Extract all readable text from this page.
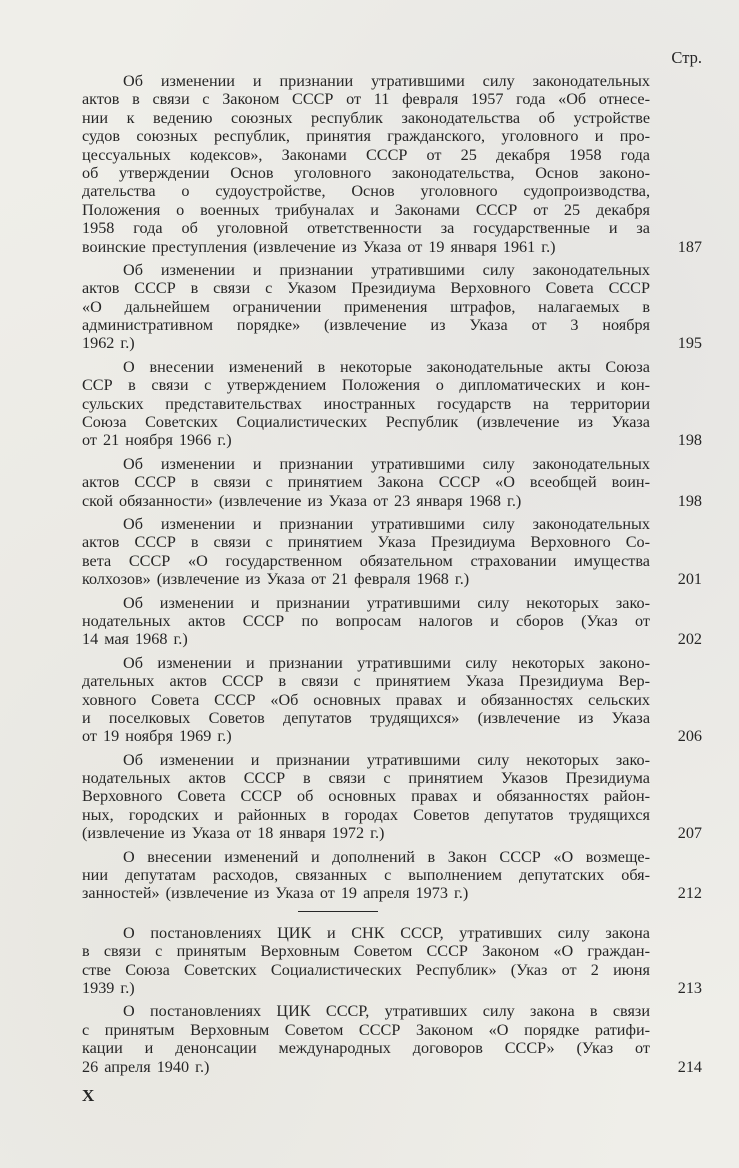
Стр.
Об изменении и признании утратившими силу законодательных
актов в связи с Законом СССР от 11 февраля 1957 года «Об отнесе-
нии к ведению союзных республик законодательства об устройстве
судов союзных республик, принятия гражданского, уголовного и про-
цессуальных кодексов», Законами СССР от 25 декабря 1958 года
об утверждении Основ уголовного законодательства, Основ законо-
дательства о судоустройстве, Основ уголовного судопроизводства,
Положения о военных трибуналах и Законами СССР от 25 декабря
1958 года об уголовной ответственности за государственные и за
воинские преступления (извлечение из Указа от 19 января 1961 г.)	187
Об изменении и признании утратившими силу законодательных
актов СССР в связи с Указом Президиума Верховного Совета СССР
«О дальнейшем ограничении применения штрафов, налагаемых в
административном порядке» (извлечение из Указа от 3 ноября
1962 г.)	195
О внесении изменений в некоторые законодательные акты Союза
ССР в связи с утверждением Положения о дипломатических и кон-
сульских представительствах иностранных государств на территории
Союза Советских Социалистических Республик (извлечение из Указа
от 21 ноября 1966 г.)	198
Об изменении и признании утратившими силу законодательных
актов СССР в связи с принятием Закона СССР «О всеобщей воин-
ской обязанности» (извлечение из Указа от 23 января 1968 г.)	198
Об изменении и признании утратившими силу законодательных
актов СССР в связи с принятием Указа Президиума Верховного Со-
вета СССР «О государственном обязательном страховании имущества
колхозов» (извлечение из Указа от 21 февраля 1968 г.)	201
Об изменении и признании утратившими силу некоторых зако-
нодательных актов СССР по вопросам налогов и сборов (Указ от
14 мая 1968 г.)	202
Об изменении и признании утратившими силу некоторых законо-
дательных актов СССР в связи с принятием Указа Президиума Вер-
ховного Совета СССР «Об основных правах и обязанностях сельских
и поселковых Советов депутатов трудящихся» (извлечение из Указа
от 19 ноября 1969 г.)	206
Об изменении и признании утратившими силу некоторых зако-
нодательных актов СССР в связи с принятием Указов Президиума
Верховного Совета СССР об основных правах и обязанностях район-
ных, городских и районных в городах Советов депутатов трудящихся
(извлечение из Указа от 18 января 1972 г.)	207
О внесении изменений и дополнений в Закон СССР «О возмеще-
нии депутатам расходов, связанных с выполнением депутатских обя-
занностей» (извлечение из Указа от 19 апреля 1973 г.)	212
О постановлениях ЦИК и СНК СССР, утративших силу закона
в связи с принятым Верховным Советом СССР Законом «О граждан-
стве Союза Советских Социалистических Республик» (Указ от 2 июня
1939 г.)	213
О постановлениях ЦИК СССР, утративших силу закона в связи
с принятым Верховным Советом СССР Законом «О порядке ратифи-
кации и денонсации международных договоров СССР» (Указ от
26 апреля 1940 г.)	214
X
